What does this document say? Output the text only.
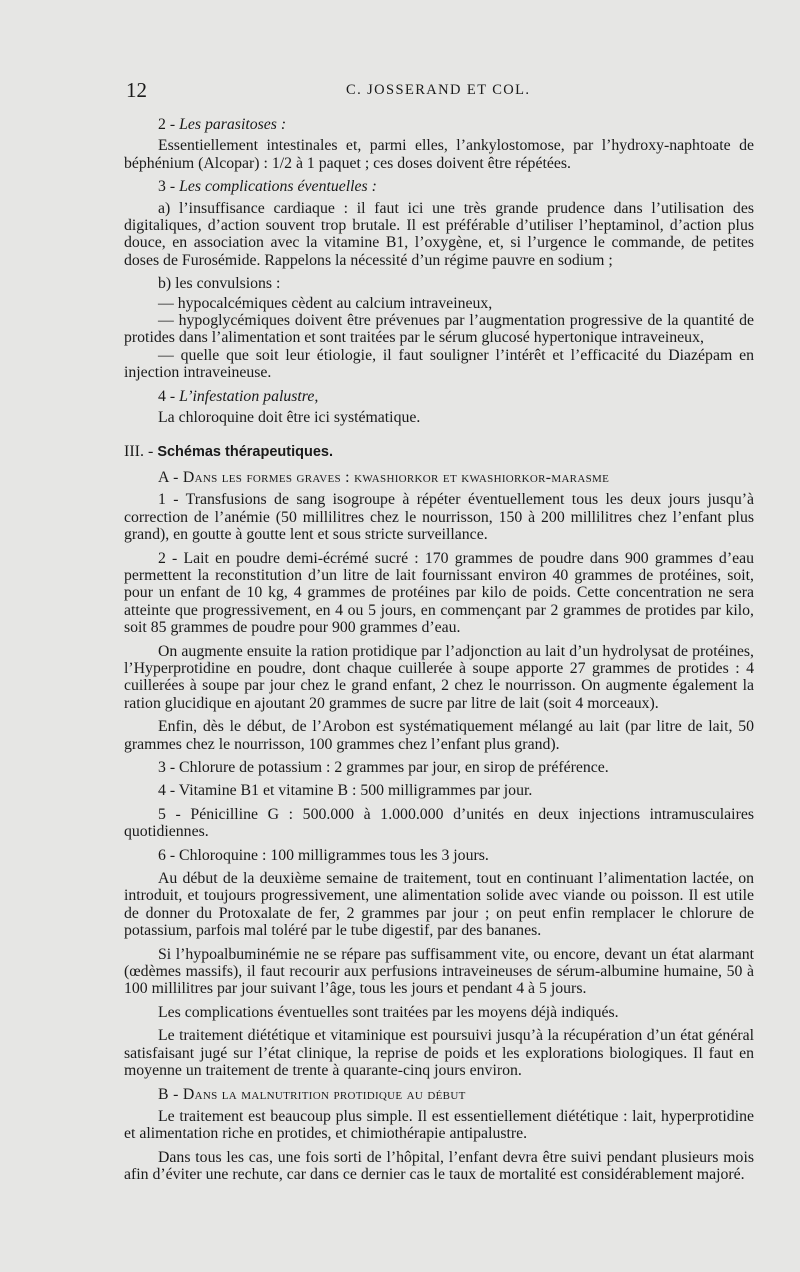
12	C. JOSSERAND ET COL.

2 - Les parasitoses :

Essentiellement intestinales et, parmi elles, l’ankylostomose, par l’hydroxy-naphtoate de béphénium (Alcopar) : 1/2 à 1 paquet ; ces doses doivent être répétées.

3 - Les complications éventuelles :

a) l’insuffisance cardiaque : il faut ici une très grande prudence dans l’utilisation des digitaliques, d’action souvent trop brutale. Il est préférable d’utiliser l’heptaminol, d’action plus douce, en association avec la vitamine B1, l’oxygène, et, si l’urgence le commande, de petites doses de Furosémide. Rappelons la nécessité d’un régime pauvre en sodium ;

b) les convulsions :

— hypocalcémiques cèdent au calcium intraveineux,

— hypoglycémiques doivent être prévenues par l’augmentation progressive de la quantité de protides dans l’alimentation et sont traitées par le sérum glucosé hypertonique intraveineux,

— quelle que soit leur étiologie, il faut souligner l’intérêt et l’efficacité du Diazépam en injection intraveineuse.

4 - L’infestation palustre,

La chloroquine doit être ici systématique.

III. - Schémas thérapeutiques.

A - Dans les formes graves : kwashiorkor et kwashiorkor-marasme

1 - Transfusions de sang isogroupe à répéter éventuellement tous les deux jours jusqu’à correction de l’anémie (50 millilitres chez le nourrisson, 150 à 200 millilitres chez l’enfant plus grand), en goutte à goutte lent et sous stricte surveillance.

2 - Lait en poudre demi-écrémé sucré : 170 grammes de poudre dans 900 grammes d’eau permettent la reconstitution d’un litre de lait fournissant environ 40 grammes de protéines, soit, pour un enfant de 10 kg, 4 grammes de protéines par kilo de poids. Cette concentration ne sera atteinte que progressivement, en 4 ou 5 jours, en commençant par 2 grammes de protides par kilo, soit 85 grammes de poudre pour 900 grammes d’eau.

On augmente ensuite la ration protidique par l’adjonction au lait d’un hydrolysat de protéines, l’Hyperprotidine en poudre, dont chaque cuillerée à soupe apporte 27 grammes de protides : 4 cuillerées à soupe par jour chez le grand enfant, 2 chez le nourrisson. On augmente également la ration glucidique en ajoutant 20 grammes de sucre par litre de lait (soit 4 morceaux).

Enfin, dès le début, de l’Arobon est systématiquement mélangé au lait (par litre de lait, 50 grammes chez le nourrisson, 100 grammes chez l’enfant plus grand).

3 - Chlorure de potassium : 2 grammes par jour, en sirop de préférence.

4 - Vitamine B1 et vitamine B : 500 milligrammes par jour.

5 - Pénicilline G : 500.000 à 1.000.000 d’unités en deux injections intramusculaires quotidiennes.

6 - Chloroquine : 100 milligrammes tous les 3 jours.

Au début de la deuxième semaine de traitement, tout en continuant l’alimentation lactée, on introduit, et toujours progressivement, une alimentation solide avec viande ou poisson. Il est utile de donner du Protoxalate de fer, 2 grammes par jour ; on peut enfin remplacer le chlorure de potassium, parfois mal toléré par le tube digestif, par des bananes.

Si l’hypoalbuminémie ne se répare pas suffisamment vite, ou encore, devant un état alarmant (œdèmes massifs), il faut recourir aux perfusions intraveineuses de sérum-albumine humaine, 50 à 100 millilitres par jour suivant l’âge, tous les jours et pendant 4 à 5 jours.

Les complications éventuelles sont traitées par les moyens déjà indiqués.

Le traitement diététique et vitaminique est poursuivi jusqu’à la récupération d’un état général satisfaisant jugé sur l’état clinique, la reprise de poids et les explorations biologiques. Il faut en moyenne un traitement de trente à quarante-cinq jours environ.

B - Dans la malnutrition protidique au début

Le traitement est beaucoup plus simple. Il est essentiellement diététique : lait, hyperprotidine et alimentation riche en protides, et chimiothérapie antipalustre.

Dans tous les cas, une fois sorti de l’hôpital, l’enfant devra être suivi pendant plusieurs mois afin d’éviter une rechute, car dans ce dernier cas le taux de mortalité est considérablement majoré.
